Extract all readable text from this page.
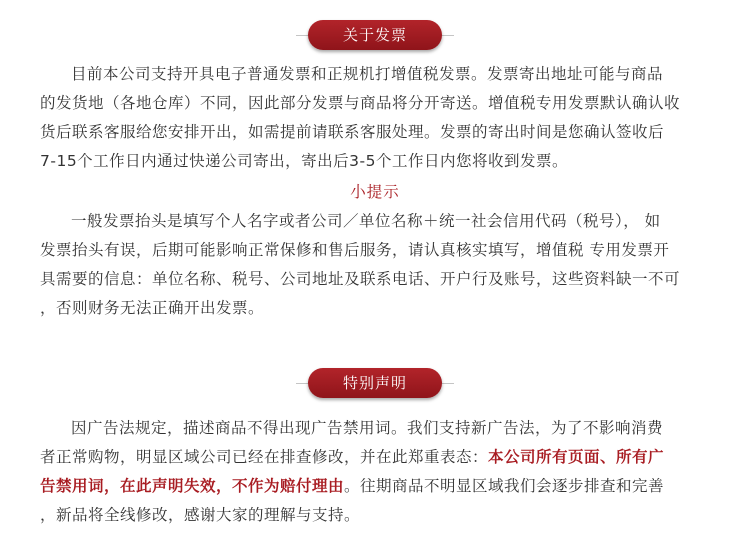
关于发票
目前本公司支持开具电子普通发票和正规机打增值税发票。发票寄出地址可能与商品
的发货地（各地仓库）不同，因此部分发票与商品将分开寄送。增值税专用发票默认确认收
货后联系客服给您安排开出，如需提前请联系客服处理。发票的寄出时间是您确认签收后
7-15个工作日内通过快递公司寄出，寄出后3-5个工作日内您将收到发票。
小提示
一般发票抬头是填写个人名字或者公司／单位名称＋统一社会信用代码（税号）， 如
发票抬头有误，后期可能影响正常保修和售后服务，请认真核实填写，增值税 专用发票开
具需要的信息：单位名称、税号、公司地址及联系电话、开户行及账号，这些资料缺一不可
，否则财务无法正确开出发票。
特别声明
因广告法规定，描述商品不得出现广告禁用词。我们支持新广告法，为了不影响消费
者正常购物，明显区域公司已经在排查修改，并在此郑重表态：本公司所有页面、所有广
告禁用词，在此声明失效，不作为赔付理由。往期商品不明显区域我们会逐步排查和完善
，新品将全线修改，感谢大家的理解与支持。
